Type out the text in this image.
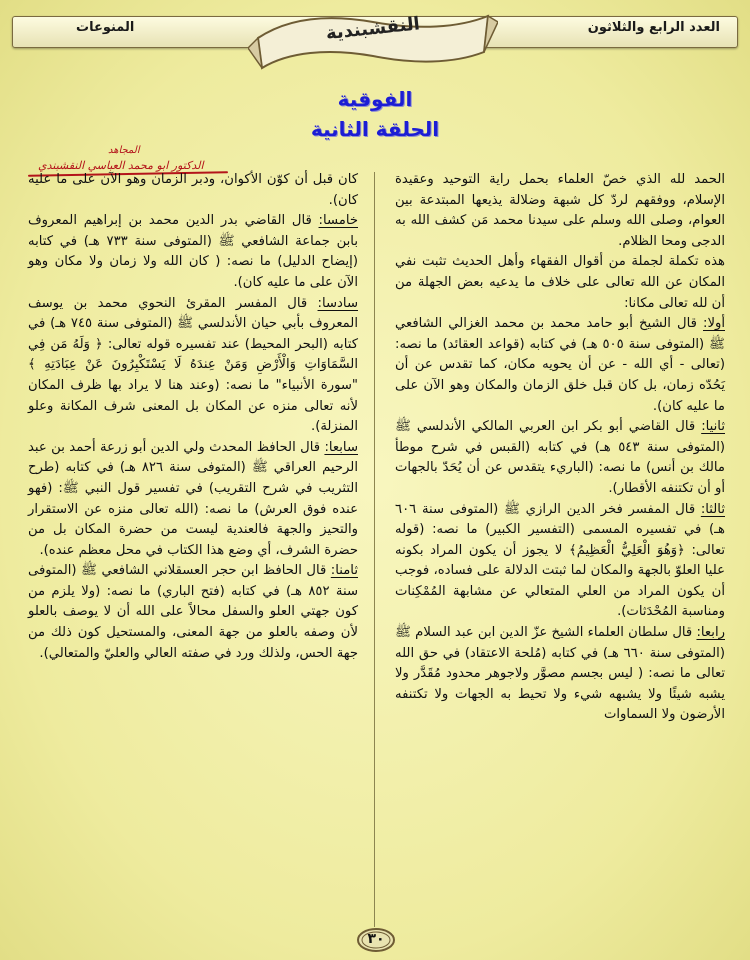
العدد الرابع والثلاثون
المنوعات	النقشبندية
الفوقية
الحلقة الثانية
المجاهد
الدكتور ابو محمد العباسي النقشبندي

الحمد لله الذي خصّ العلماء بحمل راية التوحيد وعقيدة الإسلام، ووفقهم لردّ كل شبهة وضلالة يذيعها المبتدعة بين العوام، وصلى الله وسلم على سيدنا محمد مَن كشف الله به الدجى ومحا الظلام.

هذه تكملة لجملة من أقوال الفقهاء وأهل الحديث تثبت نفي المكان عن الله تعالى على خلاف ما يدعيه بعض الجهلة من أن لله تعالى مكانا:

أولا: قال الشيخ أبو حامد محمد بن محمد الغزالي الشافعي ﷺ (المتوفى سنة ٥٠٥ هـ) في كتابه (قواعد العقائد) ما نصه: (تعالى - أي الله - عن أن يحويه مكان، كما تقدس عن أن يَحُدّه زمان، بل كان قبل خلق الزمان والمكان وهو الآن على ما عليه كان).

ثانيا: قال القاضي أبو بكر ابن العربي المالكي الأندلسي ﷺ (المتوفى سنة ٥٤٣ هـ) في كتابه (القبس في شرح موطأ مالك بن أنس) ما نصه: (الباريء يتقدس عن أن يُحَدّ بالجهات أو أن تكتنفه الأقطار).

ثالثا: قال المفسر فخر الدين الرازي ﷺ (المتوفى سنة ٦٠٦ هـ) في تفسيره المسمى (التفسير الكبير) ما نصه: (قوله تعالى: ﴿وَهُوَ الْعَلِيُّ الْعَظِيمُ﴾ لا يجوز أن يكون المراد بكونه عليا العلوّ بالجهة والمكان لما ثبتت الدلالة على فساده، فوجب أن يكون المراد من العلي المتعالي عن مشابهة المُمْكِنات ومناسبة المُحْدَثات).

رابعا: قال سلطان العلماء الشيخ عزّ الدين ابن عبد السلام ﷺ (المتوفى سنة ٦٦٠ هـ) في كتابه (مُلحة الاعتقاد) في حق الله تعالى ما نصه: ( ليس بجسم مصوَّر ولاجوهر محدود مُقَدَّر ولا يشبه شيئًا ولا يشبهه شيء ولا تحيط به الجهات ولا تكتنفه الأرضون ولا السماوات

كان قبل أن كوّن الأكوان، ودبر الزمان وهو الآن على ما عليه كان).

خامسا: قال القاضي بدر الدين محمد بن إبراهيم المعروف بابن جماعة الشافعي ﷺ (المتوفى سنة ٧٣٣ هـ) في كتابه (إيضاح الدليل) ما نصه: ( كان الله ولا زمان ولا مكان وهو الآن على ما عليه كان).

سادسا: قال المفسر المقرئ النحوي محمد بن يوسف المعروف بأبي حيان الأندلسي ﷺ (المتوفى سنة ٧٤٥ هـ) في كتابه (البحر المحيط) عند تفسيره قوله تعالى: ﴿ وَلَهُ مَن فِي السَّمَاوَاتِ وَالْأَرْضِ وَمَنْ عِندَهُ لَا يَسْتَكْبِرُونَ عَنْ عِبَادَتِهِ ﴾ "سورة الأنبياء" ما نصه: (وعند هنا لا يراد بها ظرف المكان لأنه تعالى منزه عن المكان بل المعنى شرف المكانة وعلو المنزلة).

سابعا: قال الحافظ المحدث ولي الدين أبو زرعة أحمد بن عبد الرحيم العراقي ﷺ (المتوفى سنة ٨٢٦ هـ) في كتابه (طرح التثريب في شرح التقريب) في تفسير قول النبي ﷺ: (فهو عنده فوق العرش) ما نصه: (الله تعالى منزه عن الاستقرار والتحيز والجهة فالعندية ليست من حضرة المكان بل من حضرة الشرف، أي وضع هذا الكتاب في محل معظم عنده).

ثامنا: قال الحافظ ابن حجر العسقلاني الشافعي ﷺ (المتوفى سنة ٨٥٢ هـ) في كتابه (فتح الباري) ما نصه: (ولا يلزم من كون جهتي العلو والسفل محالاً على الله أن لا يوصف بالعلو لأن وصفه بالعلو من جهة المعنى، والمستحيل كون ذلك من جهة الحس، ولذلك ورد في صفته العالي والعليّ والمتعالي).

٣٠
